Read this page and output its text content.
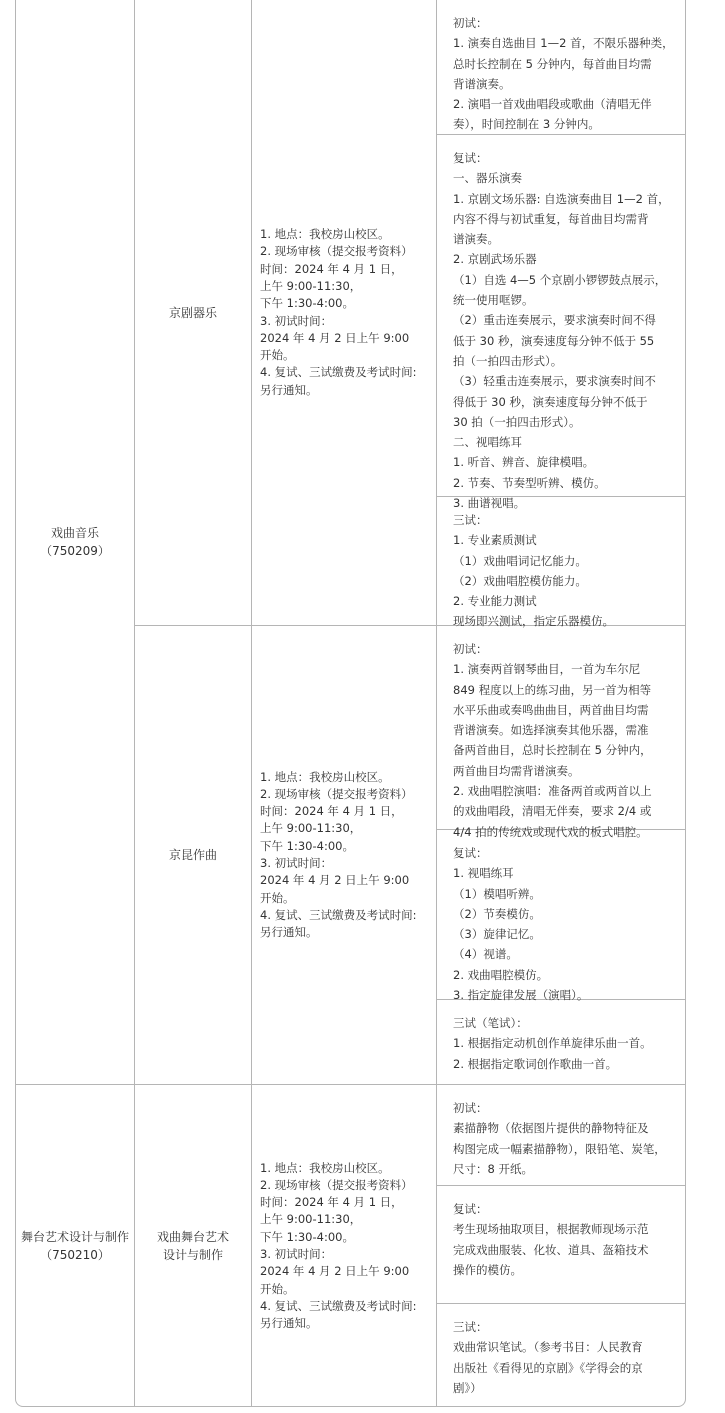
戏曲音乐
（750209）
舞台艺术设计与制作
（750210）
京剧器乐
京昆作曲
戏曲舞台艺术
设计与制作
1. 地点：我校房山校区。
2. 现场审核（提交报考资料）
时间：2024 年 4 月 1 日，
上午 9:00-11:30，
下午 1:30-4:00。
3. 初试时间：
2024 年 4 月 2 日上午 9:00
开始。
4. 复试、三试缴费及考试时间:
另行通知。
1. 地点：我校房山校区。
2. 现场审核（提交报考资料）
时间：2024 年 4 月 1 日，
上午 9:00-11:30，
下午 1:30-4:00。
3. 初试时间：
2024 年 4 月 2 日上午 9:00
开始。
4. 复试、三试缴费及考试时间:
另行通知。
1. 地点：我校房山校区。
2. 现场审核（提交报考资料）
时间：2024 年 4 月 1 日，
上午 9:00-11:30，
下午 1:30-4:00。
3. 初试时间：
2024 年 4 月 2 日上午 9:00
开始。
4. 复试、三试缴费及考试时间:
另行通知。
初试：
1. 演奏自选曲目 1—2 首，不限乐器种类，
总时长控制在 5 分钟内，每首曲目均需
背谱演奏。
2. 演唱一首戏曲唱段或歌曲（清唱无伴
奏），时间控制在 3 分钟内。
复试：
一、器乐演奏
1. 京剧文场乐器: 自选演奏曲目 1—2 首，
内容不得与初试重复，每首曲目均需背
谱演奏。
2. 京剧武场乐器
（1）自选 4—5 个京剧小锣锣鼓点展示，
统一使用哐锣。
（2）重击连奏展示，要求演奏时间不得
低于 30 秒，演奏速度每分钟不低于 55
拍（一拍四击形式）。
（3）轻重击连奏展示，要求演奏时间不
得低于 30 秒，演奏速度每分钟不低于
30 拍（一拍四击形式）。
二、视唱练耳
1. 听音、辨音、旋律模唱。
2. 节奏、节奏型听辨、模仿。
3. 曲谱视唱。
三试：
1. 专业素质测试
（1）戏曲唱词记忆能力。
（2）戏曲唱腔模仿能力。
2. 专业能力测试
现场即兴测试，指定乐器模仿。
初试：
1. 演奏两首钢琴曲目，一首为车尔尼
849 程度以上的练习曲，另一首为相等
水平乐曲或奏鸣曲曲目，两首曲目均需
背谱演奏。如选择演奏其他乐器，需准
备两首曲目，总时长控制在 5 分钟内，
两首曲目均需背谱演奏。
2. 戏曲唱腔演唱：准备两首或两首以上
的戏曲唱段，清唱无伴奏，要求 2/4 或
4/4 拍的传统戏或现代戏的板式唱腔。
复试：
1. 视唱练耳
（1）模唱听辨。
（2）节奏模仿。
（3）旋律记忆。
（4）视谱。
2. 戏曲唱腔模仿。
3. 指定旋律发展（演唱）。
三试（笔试）：
1. 根据指定动机创作单旋律乐曲一首。
2. 根据指定歌词创作歌曲一首。
初试：
素描静物（依据图片提供的静物特征及
构图完成一幅素描静物），限铅笔、炭笔，
尺寸：8 开纸。
复试：
考生现场抽取项目，根据教师现场示范
完成戏曲服装、化妆、道具、盔箱技术
操作的模仿。
三试：
戏曲常识笔试。（参考书目：人民教育
出版社《看得见的京剧》《学得会的京
剧》）
